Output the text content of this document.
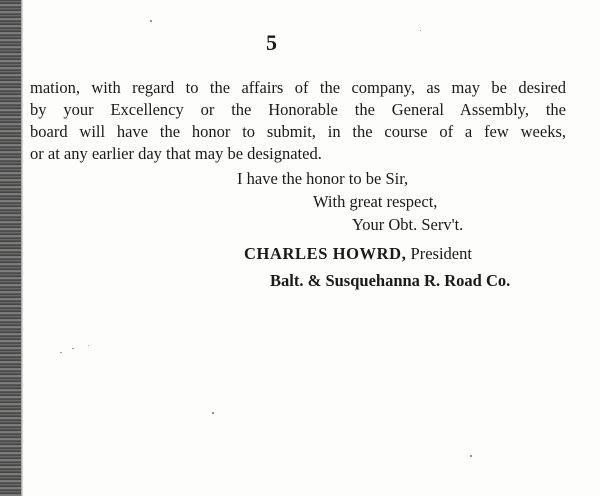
5
mation, with regard to the affairs of the company, as may be desired
by your Excellency or the Honorable the General Assembly, the
board will have the honor to submit, in the course of a few weeks,
or at any earlier day that may be designated.
I have the honor to be Sir,
With great respect,
Your Obt. Serv't.
CHARLES HOWRD, President
Balt. & Susquehanna R. Road Co.
